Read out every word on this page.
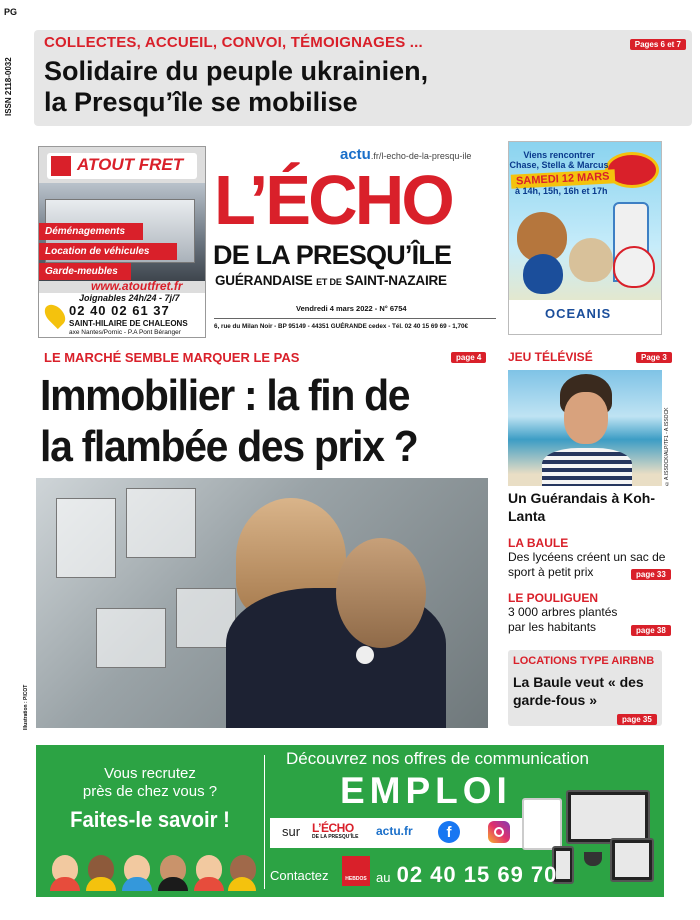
PG
ISSN 2118-0032
COLLECTES, ACCUEIL, CONVOI, TÉMOIGNAGES ...	Pages 6 et 7
Solidaire du peuple ukrainien,
la Presqu’île se mobilise
ATOUT FRET
Déménagements
Location de véhicules
Garde-meubles
www.atoutfret.fr
Joignables 24h/24 - 7j/7
02 40 02 61 37
SAINT-HILAIRE DE CHALEONS
axe Nantes/Pornic - P.A Pont Béranger
actu.fr/l-echo-de-la-presqu-ile
L’ÉCHO
DE LA PRESQU’ÎLE
GUÉRANDAISE ET DE SAINT-NAZAIRE
Vendredi 4 mars 2022 - N° 6754
6, rue du Milan Noir - BP 95149 - 44351 GUÉRANDE cedex - Tél. 02 40 15 69 69 - 1,70€
Viens rencontrer
Chase, Stella & Marcus
SAMEDI 12 MARS
à 14h, 15h, 16h et 17h
OCEANIS
LE MARCHÉ SEMBLE MARQUER LE PAS	page 4
Immobilier : la fin de
la flambée des prix ?
Illustration : PICOT
JEU TÉLÉVISÉ	Page 3
©A.ISSOCK/ALP/TF1 - A.ISSOCK
Un Guérandais à Koh-Lanta
LA BAULE
Des lycéens créent un sac de sport à petit prix	page 33
LE POULIGUEN
3 000 arbres plantés par les habitants	page 38
LOCATIONS TYPE AIRBNB
La Baule veut « des garde-fous »
page 35
Vous recrutez
près de chez vous ?
Faites-le savoir !
Découvrez nos offres de communication
EMPLOI
sur L’ÉCHO
DE LA PRESQU’ÎLE actu.fr	f
Contactez	HEBDOS au 02 40 15 69 70
